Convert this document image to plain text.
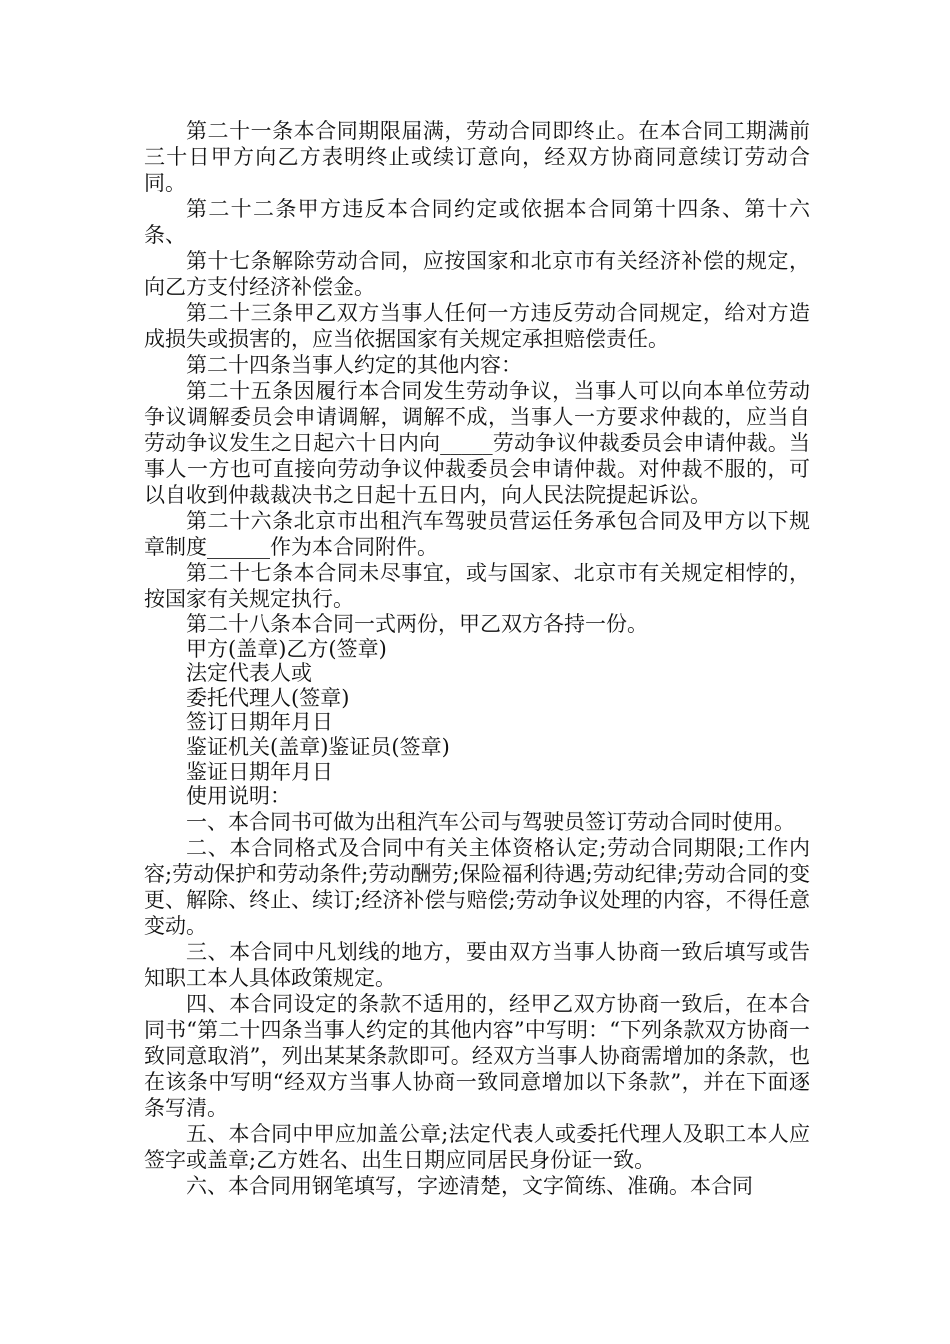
第二十一条本合同期限届满，劳动合同即终止。在本合同工期满前三十日甲方向乙方表明终止或续订意向，经双方协商同意续订劳动合同。

第二十二条甲方违反本合同约定或依据本合同第十四条、第十六条、

第十七条解除劳动合同，应按国家和北京市有关经济补偿的规定，向乙方支付经济补偿金。

第二十三条甲乙双方当事人任何一方违反劳动合同规定，给对方造成损失或损害的，应当依据国家有关规定承担赔偿责任。

第二十四条当事人约定的其他内容：

第二十五条因履行本合同发生劳动争议，当事人可以向本单位劳动争议调解委员会申请调解，调解不成，当事人一方要求仲裁的，应当自劳动争议发生之日起六十日内向_____劳动争议仲裁委员会申请仲裁。当事人一方也可直接向劳动争议仲裁委员会申请仲裁。对仲裁不服的，可以自收到仲裁裁决书之日起十五日内，向人民法院提起诉讼。

第二十六条北京市出租汽车驾驶员营运任务承包合同及甲方以下规章制度______作为本合同附件。

第二十七条本合同未尽事宜，或与国家、北京市有关规定相悖的，按国家有关规定执行。

第二十八条本合同一式两份，甲乙双方各持一份。

甲方(盖章)乙方(签章)

法定代表人或

委托代理人(签章)

签订日期年月日

鉴证机关(盖章)鉴证员(签章)

鉴证日期年月日

使用说明：

一、本合同书可做为出租汽车公司与驾驶员签订劳动合同时使用。

二、本合同格式及合同中有关主体资格认定;劳动合同期限;工作内容;劳动保护和劳动条件;劳动酬劳;保险福利待遇;劳动纪律;劳动合同的变更、解除、终止、续订;经济补偿与赔偿;劳动争议处理的内容，不得任意变动。

三、本合同中凡划线的地方，要由双方当事人协商一致后填写或告知职工本人具体政策规定。

四、本合同设定的条款不适用的，经甲乙双方协商一致后，在本合同书“第二十四条当事人约定的其他内容”中写明：“下列条款双方协商一致同意取消”，列出某某条款即可。经双方当事人协商需增加的条款，也在该条中写明“经双方当事人协商一致同意增加以下条款”，并在下面逐条写清。

五、本合同中甲应加盖公章;法定代表人或委托代理人及职工本人应签字或盖章;乙方姓名、出生日期应同居民身份证一致。

六、本合同用钢笔填写，字迹清楚，文字简练、准确。本合同
